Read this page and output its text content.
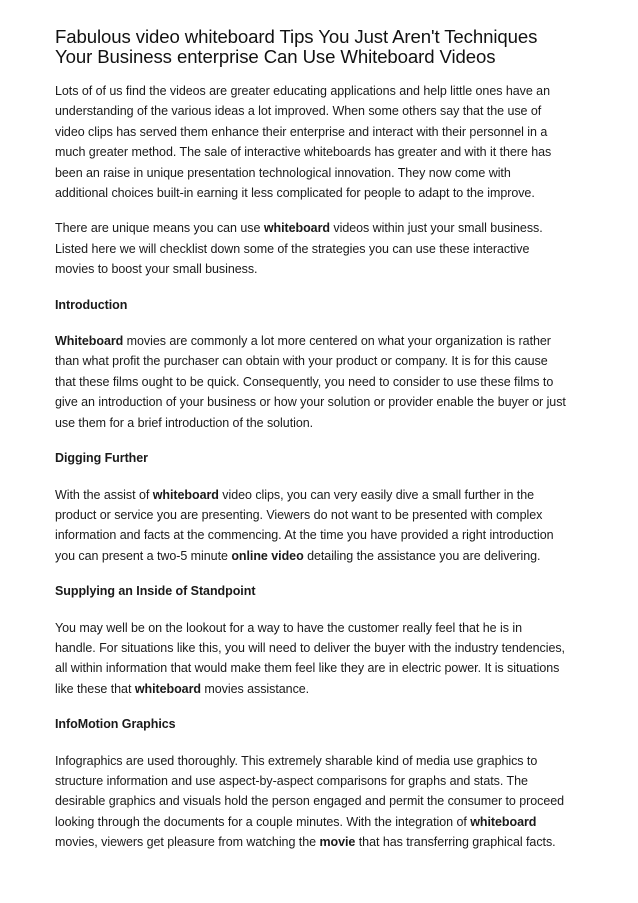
Fabulous video whiteboard Tips You Just Aren't Techniques
Your Business enterprise Can Use Whiteboard Videos

Lots of of us find the videos are greater educating applications and help little ones have an
understanding of the various ideas a lot improved. When some others say that the use of
video clips has served them enhance their enterprise and interact with their personnel in a
much greater method. The sale of interactive whiteboards has greater and with it there has
been an raise in unique presentation technological innovation. They now come with
additional choices built-in earning it less complicated for people to adapt to the improve.

There are unique means you can use whiteboard videos within just your small business.
Listed here we will checklist down some of the strategies you can use these interactive
movies to boost your small business.

Introduction

Whiteboard movies are commonly a lot more centered on what your organization is rather
than what profit the purchaser can obtain with your product or company. It is for this cause
that these films ought to be quick. Consequently, you need to consider to use these films to
give an introduction of your business or how your solution or provider enable the buyer or just
use them for a brief introduction of the solution.

Digging Further

With the assist of whiteboard video clips, you can very easily dive a small further in the
product or service you are presenting. Viewers do not want to be presented with complex
information and facts at the commencing. At the time you have provided a right introduction
you can present a two-5 minute online video detailing the assistance you are delivering.

Supplying an Inside of Standpoint

You may well be on the lookout for a way to have the customer really feel that he is in
handle. For situations like this, you will need to deliver the buyer with the industry tendencies,
all within information that would make them feel like they are in electric power. It is situations
like these that whiteboard movies assistance.

InfoMotion Graphics

Infographics are used thoroughly. This extremely sharable kind of media use graphics to
structure information and use aspect-by-aspect comparisons for graphs and stats. The
desirable graphics and visuals hold the person engaged and permit the consumer to proceed
looking through the documents for a couple minutes. With the integration of whiteboard
movies, viewers get pleasure from watching the movie that has transferring graphical facts.
